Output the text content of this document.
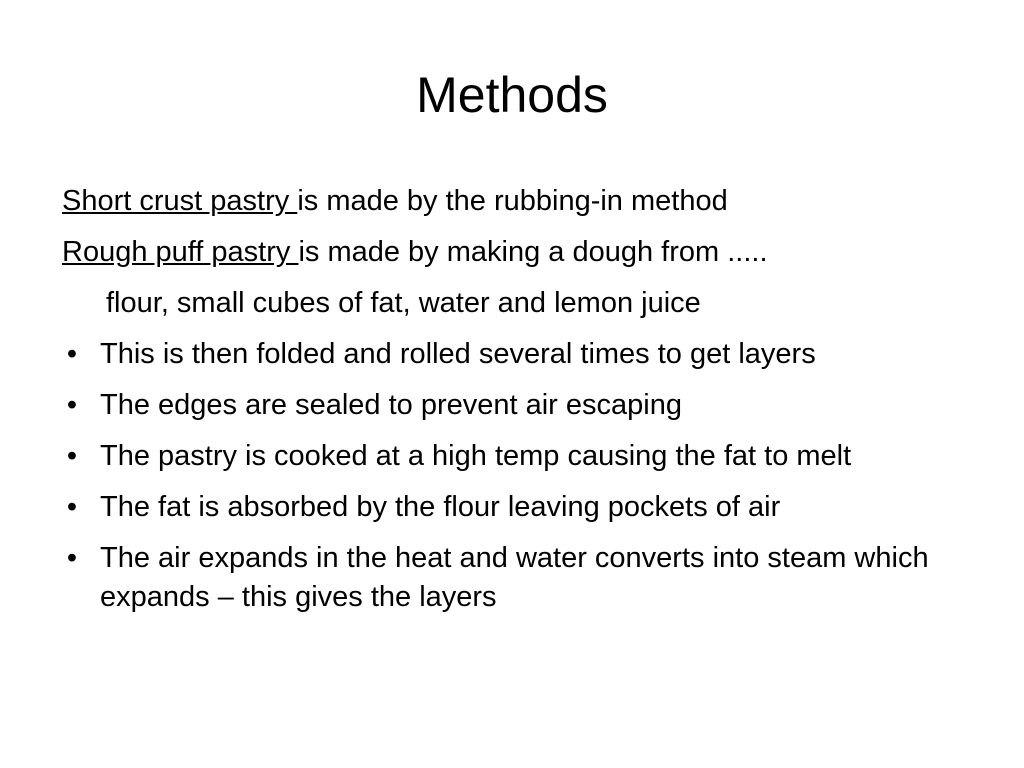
Methods

Short crust pastry is made by the rubbing-in method

Rough puff pastry is made by making a dough from .....

flour, small cubes of fat, water and lemon juice

• This is then folded and rolled several times to get layers
• The edges are sealed to prevent air escaping
• The pastry is cooked at a high temp causing the fat to melt
• The fat is absorbed by the flour leaving pockets of air
• The air expands in the heat and water converts into steam which expands – this gives the layers
